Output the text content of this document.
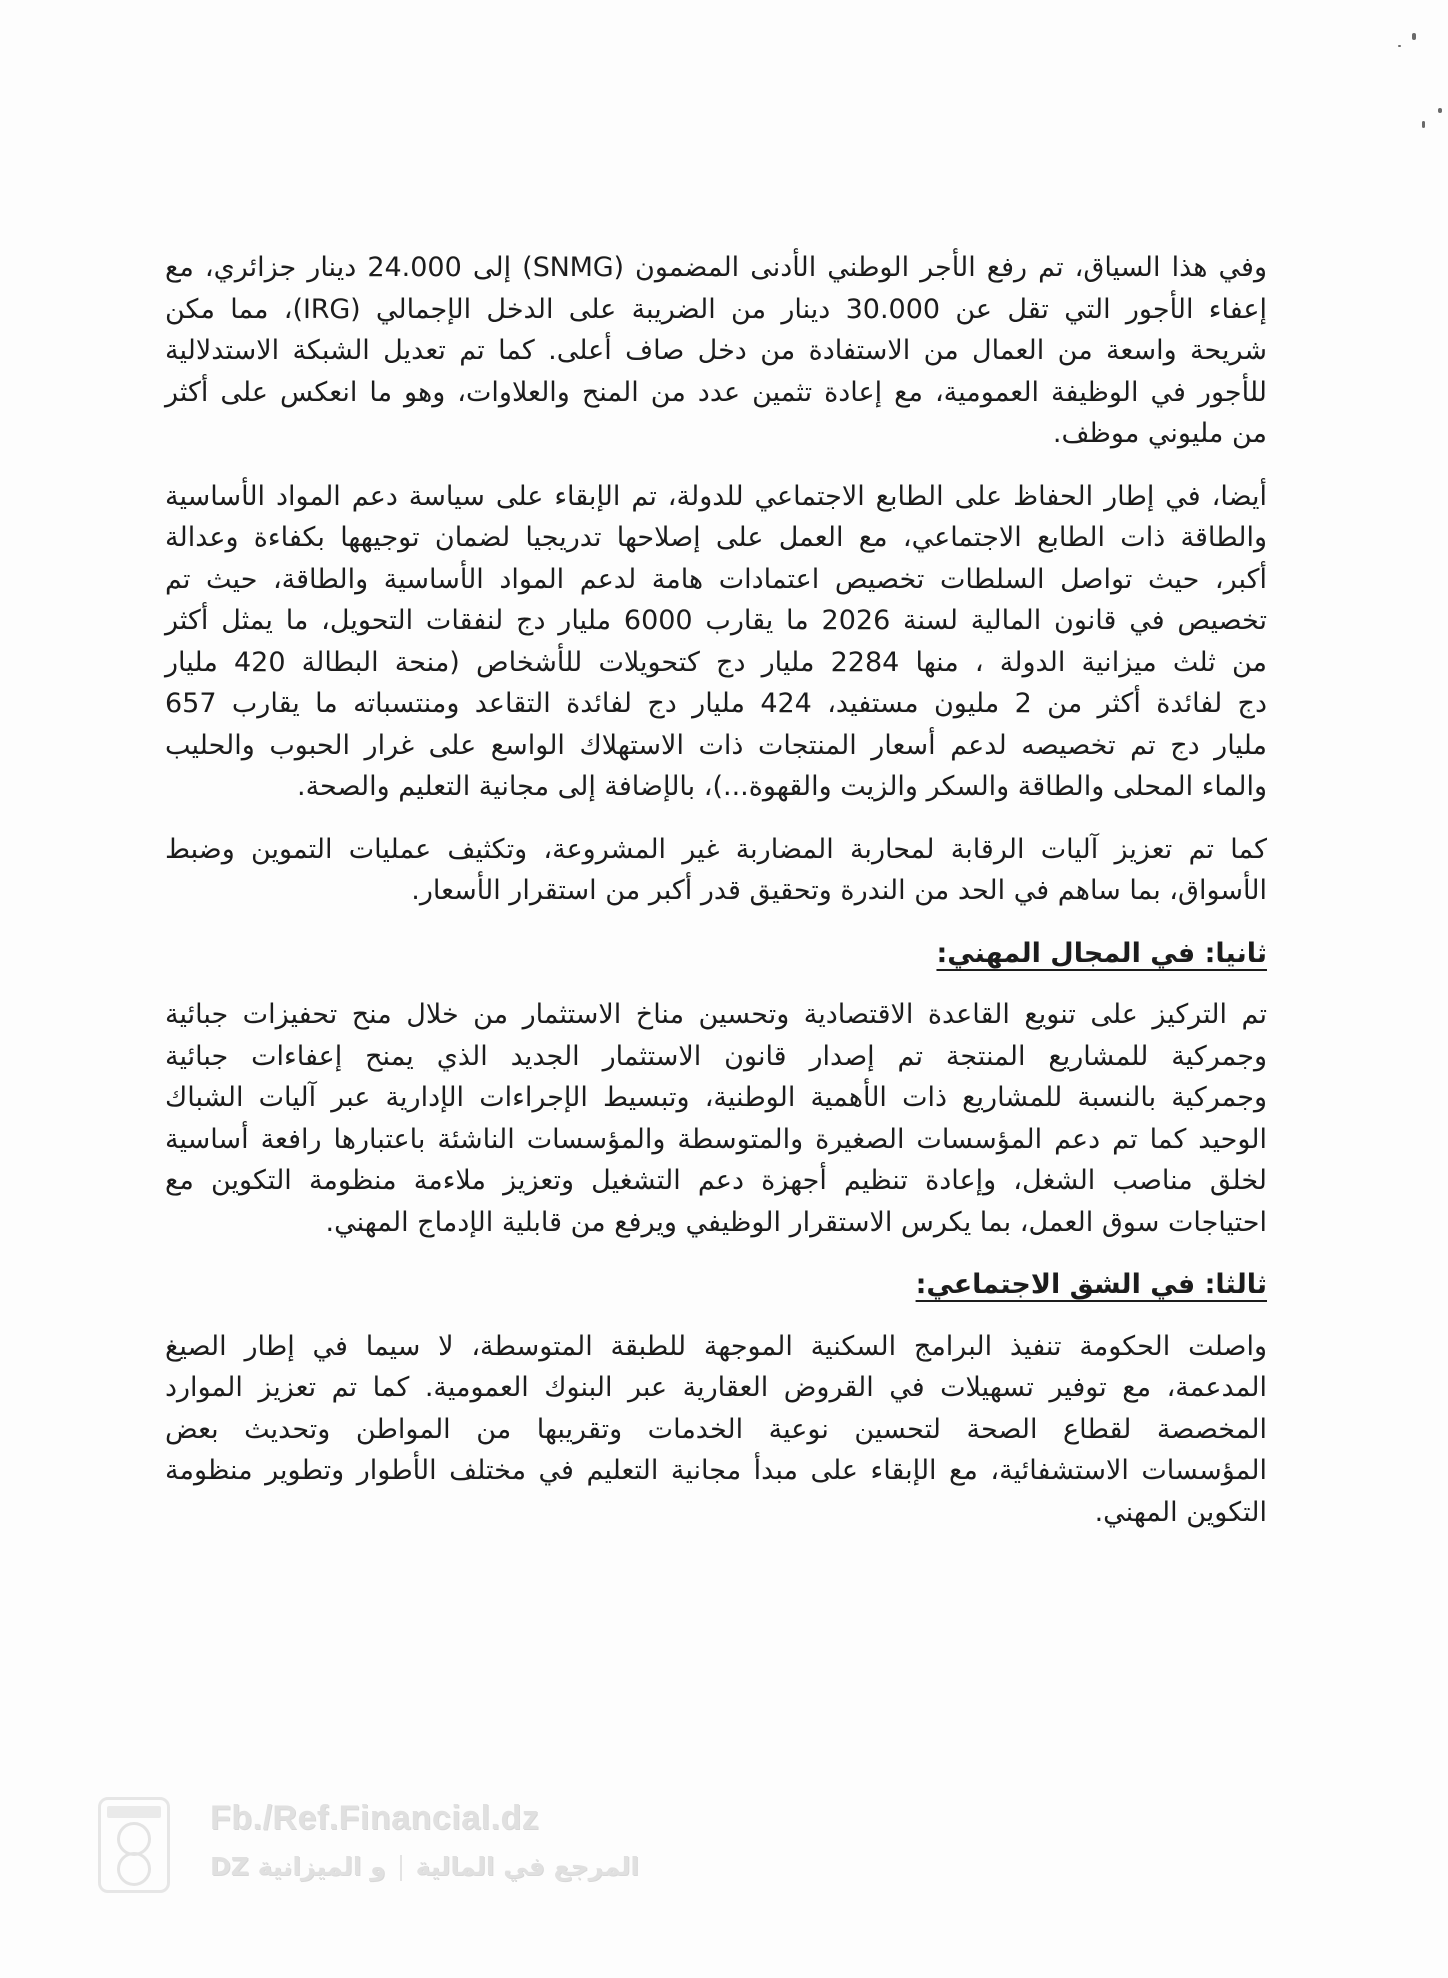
وفي هذا السياق، تم رفع الأجر الوطني الأدنى المضمون (SNMG) إلى 24.000 دينار جزائري، مع
إعفاء الأجور التي تقل عن 30.000 دينار من الضريبة على الدخل الإجمالي (IRG)، مما مكن
شريحة واسعة من العمال من الاستفادة من دخل صاف أعلى. كما تم تعديل الشبكة الاستدلالية
للأجور في الوظيفة العمومية، مع إعادة تثمين عدد من المنح والعلاوات، وهو ما انعكس على أكثر
من مليوني موظف.
أيضا، في إطار الحفاظ على الطابع الاجتماعي للدولة، تم الإبقاء على سياسة دعم المواد الأساسية
والطاقة ذات الطابع الاجتماعي، مع العمل على إصلاحها تدريجيا لضمان توجيهها بكفاءة وعدالة
أكبر، حيث تواصل السلطات تخصيص اعتمادات هامة لدعم المواد الأساسية والطاقة، حيث تم
تخصيص في قانون المالية لسنة 2026 ما يقارب 6000 مليار دج لنفقات التحويل، ما يمثل أكثر
من ثلث ميزانية الدولة ، منها 2284 مليار دج كتحويلات للأشخاص (منحة البطالة 420 مليار
دج لفائدة أكثر من 2 مليون مستفيد، 424 مليار دج لفائدة التقاعد ومنتسباته ما يقارب 657
مليار دج تم تخصيصه لدعم أسعار المنتجات ذات الاستهلاك الواسع على غرار الحبوب والحليب
والماء المحلى والطاقة والسكر والزيت والقهوة...)، بالإضافة إلى مجانية التعليم والصحة.
كما تم تعزيز آليات الرقابة لمحاربة المضاربة غير المشروعة، وتكثيف عمليات التموين وضبط
الأسواق، بما ساهم في الحد من الندرة وتحقيق قدر أكبر من استقرار الأسعار.
ثانيا: في المجال المهني:
تم التركيز على تنويع القاعدة الاقتصادية وتحسين مناخ الاستثمار من خلال منح تحفيزات جبائية
وجمركية للمشاريع المنتجة تم إصدار قانون الاستثمار الجديد الذي يمنح إعفاءات جبائية
وجمركية بالنسبة للمشاريع ذات الأهمية الوطنية، وتبسيط الإجراءات الإدارية عبر آليات الشباك
الوحيد كما تم دعم المؤسسات الصغيرة والمتوسطة والمؤسسات الناشئة باعتبارها رافعة أساسية
لخلق مناصب الشغل، وإعادة تنظيم أجهزة دعم التشغيل وتعزيز ملاءمة منظومة التكوين مع
احتياجات سوق العمل، بما يكرس الاستقرار الوظيفي ويرفع من قابلية الإدماج المهني.
ثالثا: في الشق الاجتماعي:
واصلت الحكومة تنفيذ البرامج السكنية الموجهة للطبقة المتوسطة، لا سيما في إطار الصيغ
المدعمة، مع توفير تسهيلات في القروض العقارية عبر البنوك العمومية. كما تم تعزيز الموارد
المخصصة لقطاع الصحة لتحسين نوعية الخدمات وتقريبها من المواطن وتحديث بعض
المؤسسات الاستشفائية، مع الإبقاء على مبدأ مجانية التعليم في مختلف الأطوار وتطوير منظومة
التكوين المهني.
Fb./Ref.Financial.dz
المرجع في الماليةو الميزانية DZ
